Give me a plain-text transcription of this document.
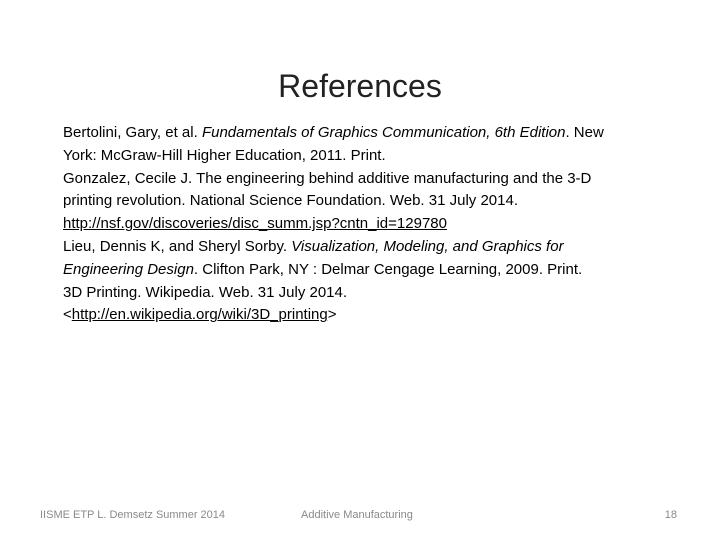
References

Bertolini, Gary, et al. Fundamentals of Graphics Communication, 6th Edition. New York: McGraw-Hill Higher Education, 2011. Print.

Gonzalez, Cecile J. The engineering behind additive manufacturing and the 3-D printing revolution. National Science Foundation. Web. 31 July 2014. http://nsf.gov/discoveries/disc_summ.jsp?cntn_id=129780

Lieu, Dennis K, and Sheryl Sorby. Visualization, Modeling, and Graphics for Engineering Design. Clifton Park, NY : Delmar Cengage Learning, 2009. Print.

3D Printing. Wikipedia. Web. 31 July 2014.
<http://en.wikipedia.org/wiki/3D_printing>

IISME ETP L. Demsetz Summer 2014	Additive Manufacturing	18
